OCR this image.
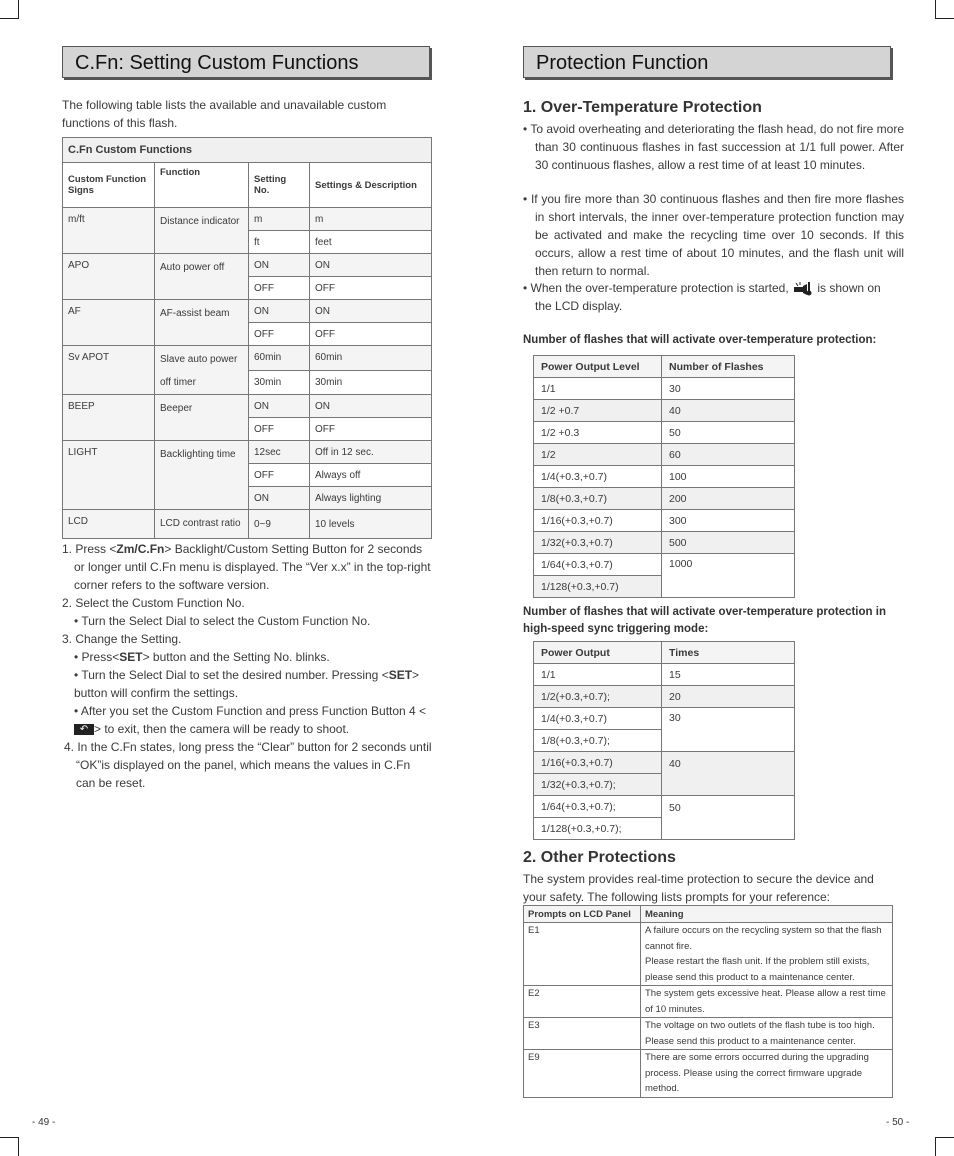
C.Fn: Setting Custom Functions

The following table lists the available and unavailable custom functions of this flash.

C.Fn Custom Functions			
Custom Function Signs	Function	Setting No.	Settings & Description
m/ft	Distance indicator	m	m
		ft	feet
APO	Auto power off	ON	ON
		OFF	OFF
AF	AF-assist beam	ON	ON
		OFF	OFF
Sv APOT	Slave auto power off timer	60min	60min
		30min	30min
BEEP	Beeper	ON	ON
		OFF	OFF
LIGHT	Backlighting time	12sec	Off in 12 sec.
		OFF	Always off
		ON	Always lighting
LCD	LCD contrast ratio	0~9	10 levels
1. Press <Zm/C.Fn> Backlight/Custom Setting Button for 2 seconds
or longer until C.Fn menu is displayed. The “Ver x.x” in the top-right corner refers to the software version.
2. Select the Custom Function No.
• Turn the Select Dial to select the Custom Function No.
3. Change the Setting.
• Press<SET> button and the Setting No. blinks.
• Turn the Select Dial to set the desired number. Pressing <SET> button will confirm the settings.
• After you set the Custom Function and press Function Button 4 <↶ > to exit, then the camera will be ready to shoot.
4. In the C.Fn states, long press the “Clear” button for 2 seconds until “OK”is displayed on the panel, which means the values in C.Fn can be reset.
- 49 -
Protection Function
1. Over-Temperature Protection

• To avoid overheating and deteriorating the flash head, do not fire more than 30 continuous flashes in fast succession at 1/1 full power. After 30 continuous flashes, allow a rest time of at least 10 minutes.

• If you fire more than 30 continuous flashes and then fire more flashes in short intervals, the inner over-temperature protection function may be activated and make the recycling time over 10 seconds. If this occurs, allow a rest time of about 10 minutes, and the flash unit will then return to normal.

• When the over-temperature protection is started, is shown on
the LCD display.

Number of flashes that will activate over-temperature protection:

Power Output Level	Number of Flashes
1/1	30
1/2 +0.7	40
1/2 +0.3	50
1/2	60
1/4(+0.3,+0.7)	100
1/8(+0.3,+0.7)	200
1/16(+0.3,+0.7)	300
1/32(+0.3,+0.7)	500
1/64(+0.3,+0.7)	1000
1/128(+0.3,+0.7)	

Number of flashes that will activate over-temperature protection in high-speed sync triggering mode:

Power Output	Times
1/1	15
1/2(+0.3,+0.7);	20
1/4(+0.3,+0.7)	30
1/8(+0.3,+0.7);	
1/16(+0.3,+0.7)	40
1/32(+0.3,+0.7);	
1/64(+0.3,+0.7);	50
1/128(+0.3,+0.7);	
2. Other Protections

The system provides real-time protection to secure the device and your safety. The following lists prompts for your reference:

Prompts on LCD Panel	Meaning
E1	A failure occurs on the recycling system so that the flash cannot fire.
Please restart the flash unit. If the problem still exists, please send this product to a maintenance center.
E2	The system gets excessive heat. Please allow a rest time of 10 minutes.
E3	The voltage on two outlets of the flash tube is too high. Please send this product to a maintenance center.
E9	There are some errors occurred during the upgrading process. Please using the correct firmware upgrade method.
- 50 -
